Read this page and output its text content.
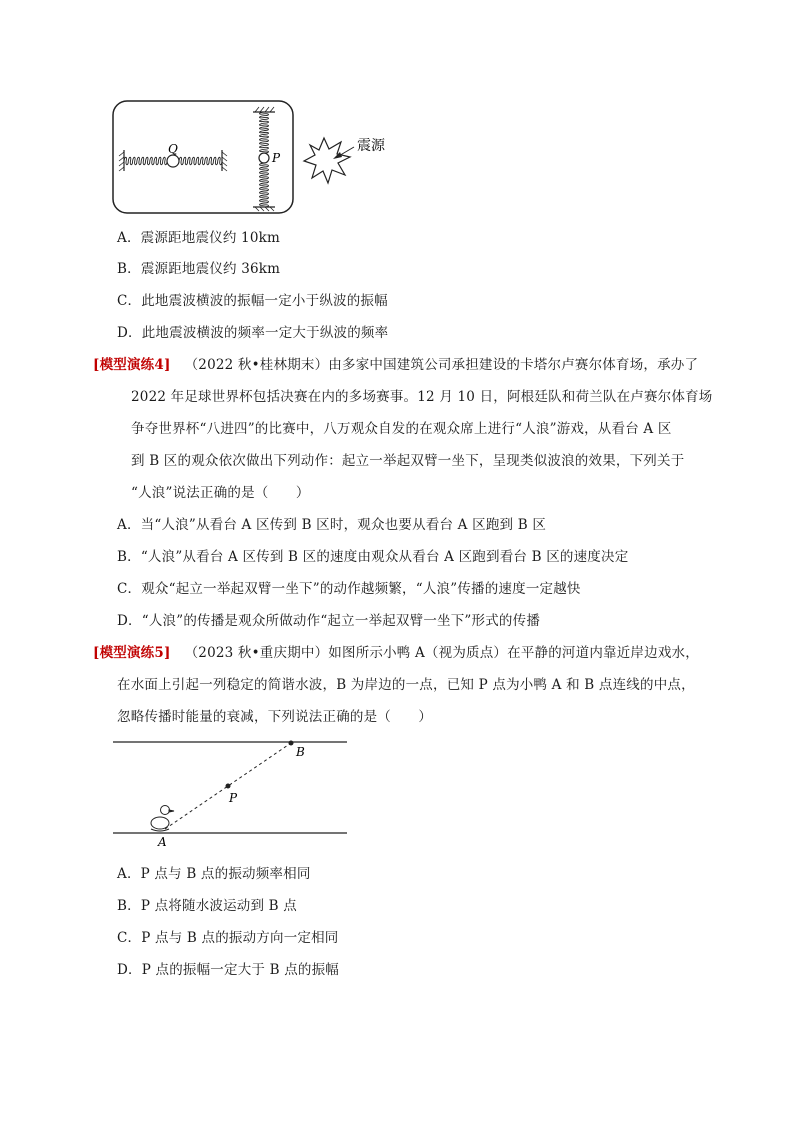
Q
P
震源
A．震源距地震仪约 10km
B．震源距地震仪约 36km
C．此地震波横波的振幅一定小于纵波的振幅
D．此地震波横波的频率一定大于纵波的频率
[模型演练4] （2022 秋•桂林期末）由多家中国建筑公司承担建设的卡塔尔卢赛尔体育场，承办了
2022 年足球世界杯包括决赛在内的多场赛事。12 月 10 日，阿根廷队和荷兰队在卢赛尔体育场
争夺世界杯“八进四”的比赛中，八万观众自发的在观众席上进行“人浪”游戏，从看台 A 区
到 B 区的观众依次做出下列动作：起立一举起双臂一坐下，呈现类似波浪的效果，下列关于
“人浪”说法正确的是（　　）
A．当“人浪”从看台 A 区传到 B 区时，观众也要从看台 A 区跑到 B 区
B．“人浪”从看台 A 区传到 B 区的速度由观众从看台 A 区跑到看台 B 区的速度决定
C．观众“起立一举起双臂一坐下”的动作越频繁，“人浪”传播的速度一定越快
D．“人浪”的传播是观众所做动作“起立一举起双臂一坐下”形式的传播
[模型演练5] （2023 秋•重庆期中）如图所示小鸭 A（视为质点）在平静的河道内靠近岸边戏水，
在水面上引起一列稳定的简谐水波，B 为岸边的一点，已知 P 点为小鸭 A 和 B 点连线的中点，
忽略传播时能量的衰减，下列说法正确的是（　　）
B
P
A
A．P 点与 B 点的振动频率相同
B．P 点将随水波运动到 B 点
C．P 点与 B 点的振动方向一定相同
D．P 点的振幅一定大于 B 点的振幅
